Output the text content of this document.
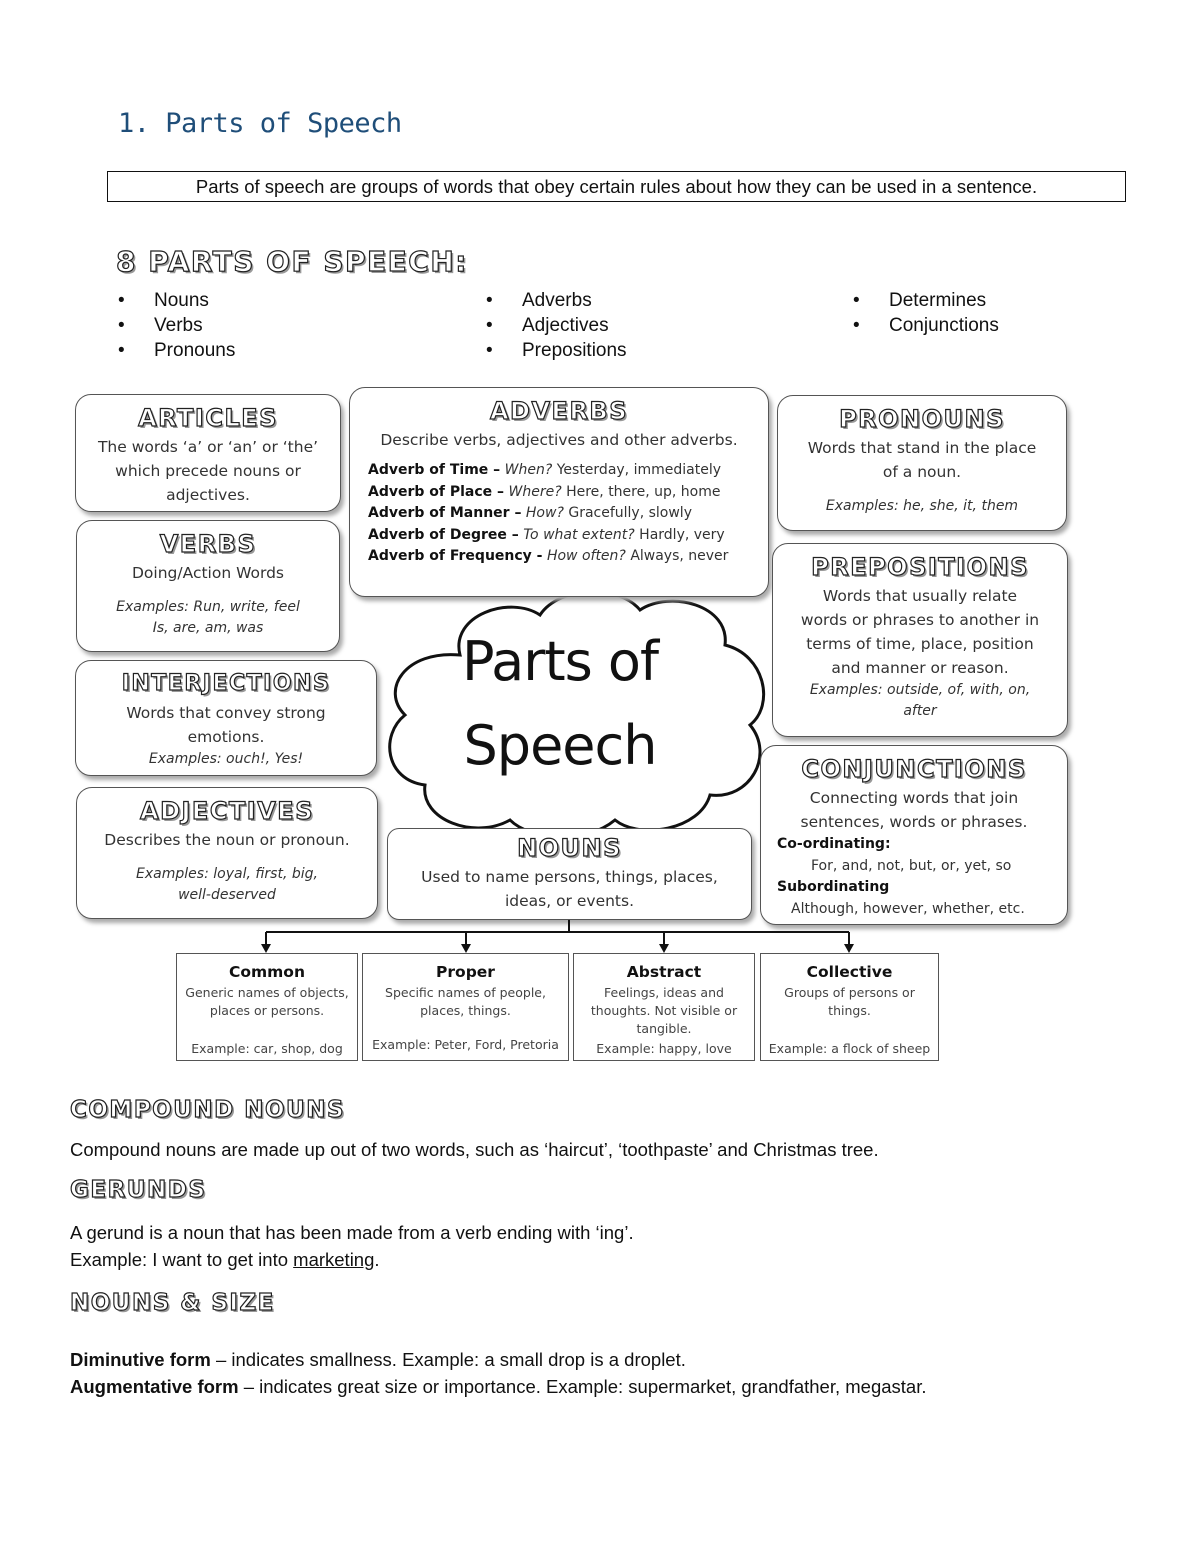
1. Parts of Speech
Parts of speech are groups of words that obey certain rules about how they can be used in a sentence.
8 PARTS OF SPEECH:
• Nouns
• Verbs
• Pronouns
• Adverbs
• Adjectives
• Prepositions
• Determines
• Conjunctions
Parts of
Speech
ARTICLES
The words ‘a’ or ‘an’ or ‘the’
which precede nouns or
adjectives.
ADVERBS
Describe verbs, adjectives and other adverbs.
Adverb of Time – When? Yesterday, immediately
Adverb of Place – Where? Here, there, up, home
Adverb of Manner – How? Gracefully, slowly
Adverb of Degree – To what extent? Hardly, very
Adverb of Frequency - How often? Always, never
PRONOUNS
Words that stand in the place
of a noun.
Examples: he, she, it, them
VERBS
Doing/Action Words
Examples: Run, write, feel
Is, are, am, was
PREPOSITIONS
Words that usually relate
words or phrases to another in
terms of time, place, position
and manner or reason.
Examples: outside, of, with, on,
after
INTERJECTIONS
Words that convey strong
emotions.
Examples: ouch!, Yes!	CONJUNCTIONS
Connecting words that join
sentences, words or phrases.
Co-ordinating:
For, and, not, but, or, yet, so
Subordinating
Although, however, whether, etc.
ADJECTIVES
Describes the noun or pronoun.
Examples: loyal, first, big,
well-deserved
NOUNS
Used to name persons, things, places,
ideas, or events.
Common
Generic names of objects,
places or persons.
Example: car, shop, dog
Proper
Specific names of people,
places, things.
Example: Peter, Ford, Pretoria
Abstract
Feelings, ideas and
thoughts. Not visible or
tangible.
Example: happy, love
Collective
Groups of persons or
things.
Example: a flock of sheep
COMPOUND NOUNS
Compound nouns are made up out of two words, such as ‘haircut’, ‘toothpaste’ and Christmas tree.
GERUNDS
A gerund is a noun that has been made from a verb ending with ‘ing’.
Example: I want to get into marketing.
NOUNS & SIZE
Diminutive form – indicates smallness. Example: a small drop is a droplet.
Augmentative form – indicates great size or importance. Example: supermarket, grandfather, megastar.
